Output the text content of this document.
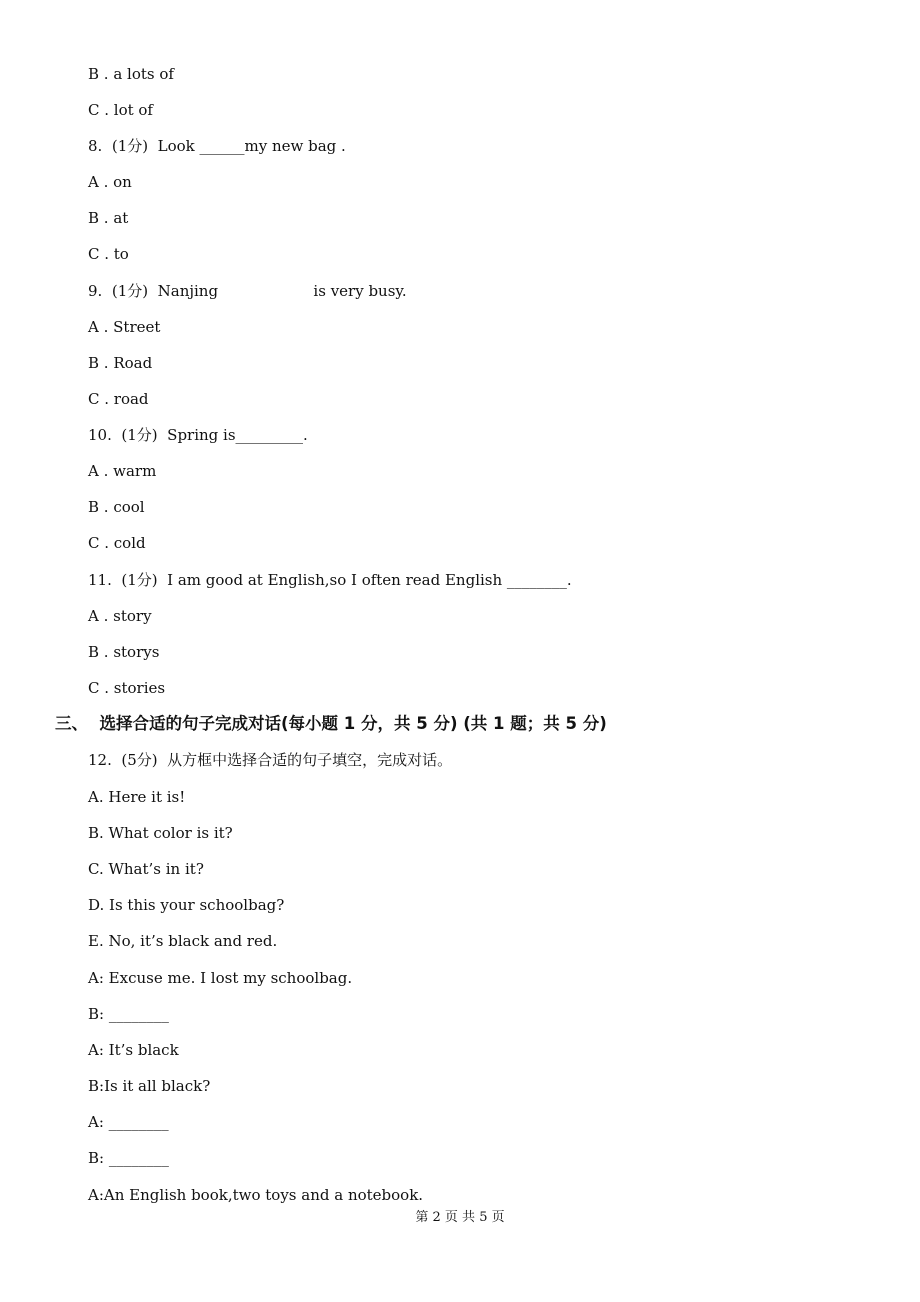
B . a lots of
C . lot of
8.  (1分)  Look ______my new bag .
A . on
B . at
C . to
9.  (1分)  Nanjing                    is very busy.
A . Street
B . Road
C . road
10.  (1分)  Spring is_________.
A . warm
B . cool
C . cold
11.  (1分)  I am good at English,so I often read English ________.
A . story
B . storys
C . stories
三、  选择合适的句子完成对话(每小题 1 分，共 5 分) (共 1 题；共 5 分)
12.  (5分)  从方框中选择合适的句子填空，完成对话。
A. Here it is!
B. What color is it?
C. What’s in it?
D. Is this your schoolbag?
E. No, it’s black and red.
A: Excuse me. I lost my schoolbag.
B: ________
A: It’s black
B:Is it all black?
A: ________
B: ________
A:An English book,two toys and a notebook.
第 2 页 共 5 页
